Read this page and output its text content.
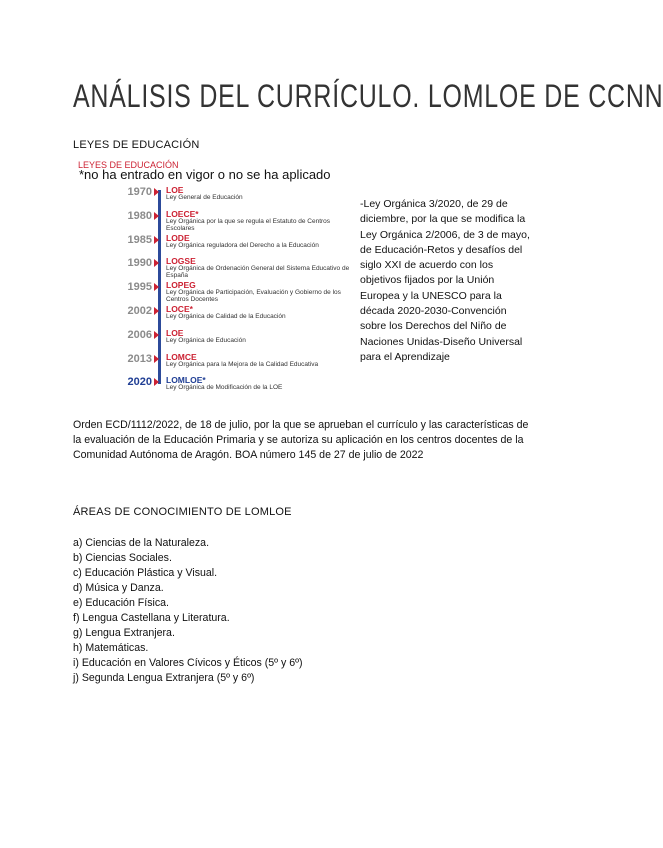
ANÁLISIS DEL CURRÍCULO. LOMLOE DE CCNN
LEYES DE EDUCACIÓN
LEYES DE EDUCACIÓN
*no ha entrado en vigor o no se ha aplicado
1970 LOE
Ley General de Educación
1980 LOECE*
Ley Orgánica por la que se regula el Estatuto de Centros Escolares
1985 LODE
Ley Orgánica reguladora del Derecho a la Educación
1990 LOGSE
Ley Orgánica de Ordenación General del Sistema Educativo de España
1995 LOPEG
Ley Orgánica de Participación, Evaluación y Gobierno de los Centros Docentes
2002 LOCE*
Ley Orgánica de Calidad de la Educación
2006 LOE
Ley Orgánica de Educación
2013 LOMCE
Ley Orgánica para la Mejora de la Calidad Educativa
2020 LOMLOE*
Ley Orgánica de Modificación de la LOE
-Ley Orgánica 3/2020, de 29 de diciembre, por la que se modifica la Ley Orgánica 2/2006, de 3 de mayo, de Educación-Retos y desafíos del siglo XXI de acuerdo con los objetivos fijados por la Unión Europea y la UNESCO para la década 2020-2030-Convención sobre los Derechos del Niño de Naciones Unidas-Diseño Universal para el Aprendizaje
Orden ECD/1112/2022, de 18 de julio, por la que se aprueban el currículo y las características de la evaluación de la Educación Primaria y se autoriza su aplicación en los centros docentes de la Comunidad Autónoma de Aragón. BOA número 145 de 27 de julio de 2022
ÁREAS DE CONOCIMIENTO DE LOMLOE
a) Ciencias de la Naturaleza.
b) Ciencias Sociales.
c) Educación Plástica y Visual.
d) Música y Danza.
e) Educación Física.
f) Lengua Castellana y Literatura.
g) Lengua Extranjera.
h) Matemáticas.
i) Educación en Valores Cívicos y Éticos (5º y 6º)
j) Segunda Lengua Extranjera (5º y 6º)
